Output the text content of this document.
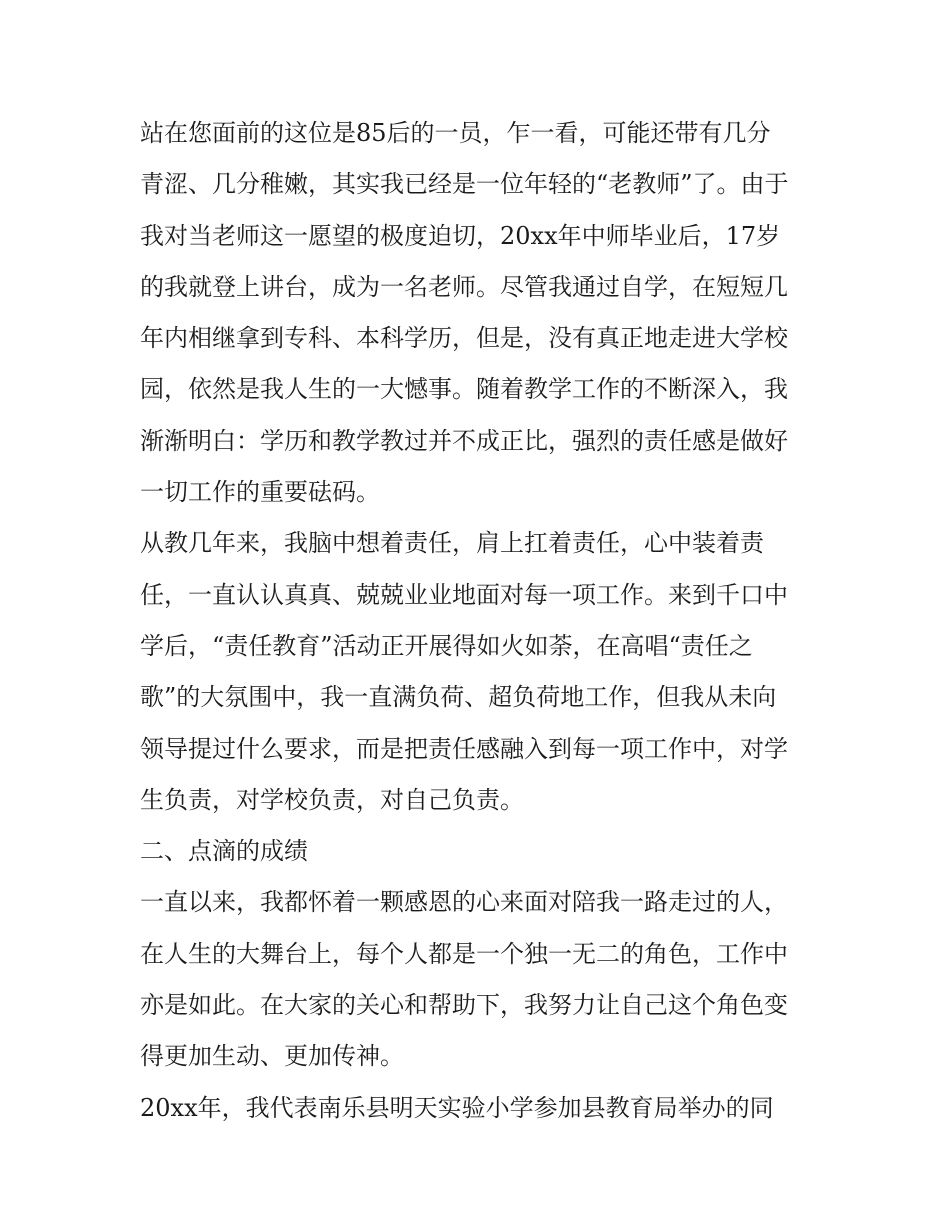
站在您面前的这位是85后的一员，乍一看，可能还带有几分
青涩、几分稚嫩，其实我已经是一位年轻的“老教师”了。由于
我对当老师这一愿望的极度迫切，20xx年中师毕业后，17岁
的我就登上讲台，成为一名老师。尽管我通过自学，在短短几
年内相继拿到专科、本科学历，但是，没有真正地走进大学校
园，依然是我人生的一大憾事。随着教学工作的不断深入，我
渐渐明白：学历和教学教过并不成正比，强烈的责任感是做好
一切工作的重要砝码。
从教几年来，我脑中想着责任，肩上扛着责任，心中装着责
任，一直认认真真、兢兢业业地面对每一项工作。来到千口中
学后，“责任教育”活动正开展得如火如荼，在高唱“责任之
歌”的大氛围中，我一直满负荷、超负荷地工作，但我从未向
领导提过什么要求，而是把责任感融入到每一项工作中，对学
生负责，对学校负责，对自己负责。
二、点滴的成绩
一直以来，我都怀着一颗感恩的心来面对陪我一路走过的人，
在人生的大舞台上，每个人都是一个独一无二的角色，工作中
亦是如此。在大家的关心和帮助下，我努力让自己这个角色变
得更加生动、更加传神。
20xx年，我代表南乐县明天实验小学参加县教育局举办的同
